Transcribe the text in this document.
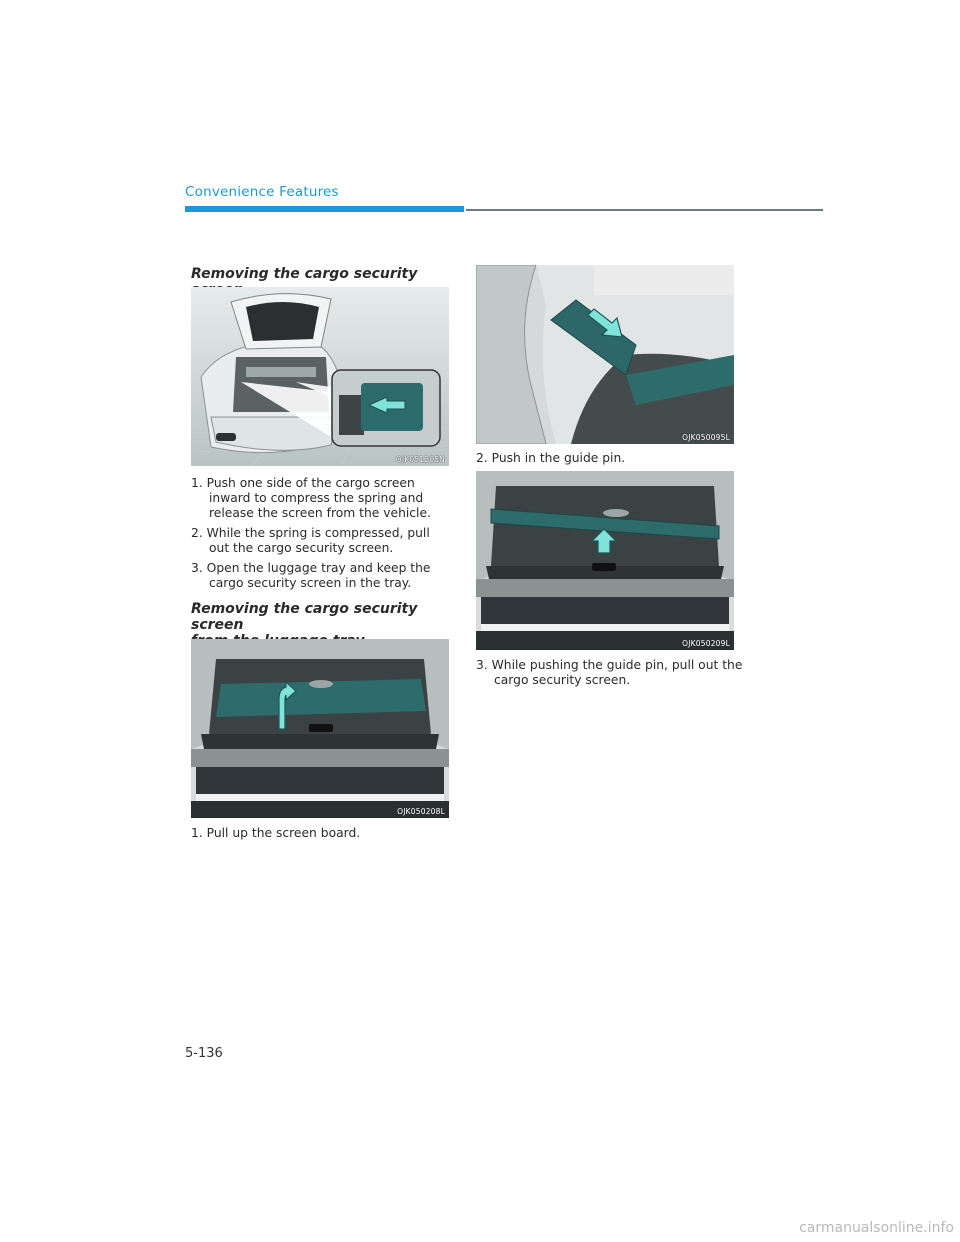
Convenience Features
Removing the cargo security
OJK051205N
1. Push one side of the cargo screen inward to compress the spring and release the screen from the vehicle.
2. While the spring is compressed, pull out the cargo security screen.
3. Open the luggage tray and keep the cargo security screen in the tray.
Removing the cargo security screen
OJK050208L
1. Pull up the screen board.
OJK050095L
2. Push in the guide pin.
OJK050209L
3. While pushing the guide pin, pull out the cargo security screen.
5-136
carmanualsonline.info
